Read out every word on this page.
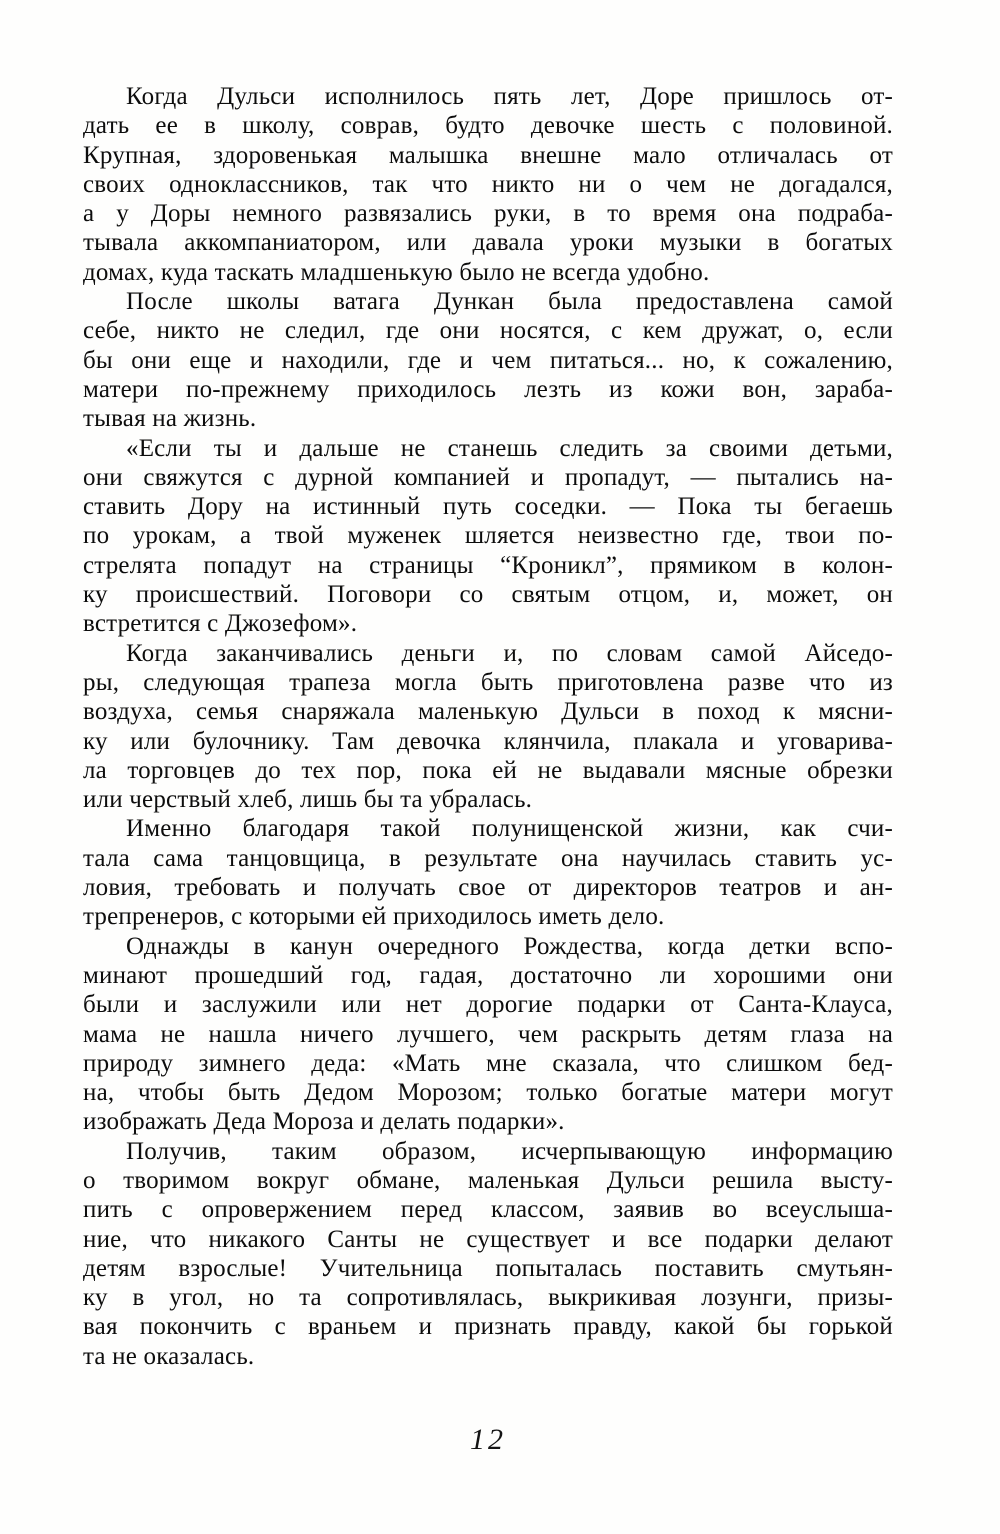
Когда Дульси исполнилось пять лет, Доре пришлось от-
дать ее в школу, соврав, будто девочке шесть с половиной.
Крупная, здоровенькая малышка внешне мало отличалась от
своих одноклассников, так что никто ни о чем не догадался,
а у Доры немного развязались руки, в то время она подраба-
тывала аккомпаниатором, или давала уроки музыки в богатых
домах, куда таскать младшенькую было не всегда удобно.

После школы ватага Дункан была предоставлена самой
себе, никто не следил, где они носятся, с кем дружат, о, если
бы они еще и находили, где и чем питаться... но, к сожалению,
матери по-прежнему приходилось лезть из кожи вон, зараба-
тывая на жизнь.

«Если ты и дальше не станешь следить за своими детьми,
они свяжутся с дурной компанией и пропадут, — пытались на-
ставить Дору на истинный путь соседки. — Пока ты бегаешь
по урокам, а твой муженек шляется неизвестно где, твои по-
стрелята попадут на страницы “Кроникл”, прямиком в колон-
ку происшествий. Поговори со святым отцом, и, может, он
встретится с Джозефом».

Когда заканчивались деньги и, по словам самой Айседо-
ры, следующая трапеза могла быть приготовлена разве что из
воздуха, семья снаряжала маленькую Дульси в поход к мясни-
ку или булочнику. Там девочка клянчила, плакала и уговарива-
ла торговцев до тех пор, пока ей не выдавали мясные обрезки
или черствый хлеб, лишь бы та убралась.

Именно благодаря такой полунищенской жизни, как счи-
тала сама танцовщица, в результате она научилась ставить ус-
ловия, требовать и получать свое от директоров театров и ан-
трепренеров, с которыми ей приходилось иметь дело.

Однажды в канун очередного Рождества, когда детки вспо-
минают прошедший год, гадая, достаточно ли хорошими они
были и заслужили или нет дорогие подарки от Санта-Клауса,
мама не нашла ничего лучшего, чем раскрыть детям глаза на
природу зимнего деда: «Мать мне сказала, что слишком бед-
на, чтобы быть Дедом Морозом; только богатые матери могут
изображать Деда Мороза и делать подарки».

Получив, таким образом, исчерпывающую информацию
о творимом вокруг обмане, маленькая Дульси решила высту-
пить с опровержением перед классом, заявив во всеуслыша-
ние, что никакого Санты не существует и все подарки делают
детям взрослые! Учительница попыталась поставить смутьян-
ку в угол, но та сопротивлялась, выкрикивая лозунги, призы-
вая покончить с враньем и признать правду, какой бы горькой
та не оказалась.

12
